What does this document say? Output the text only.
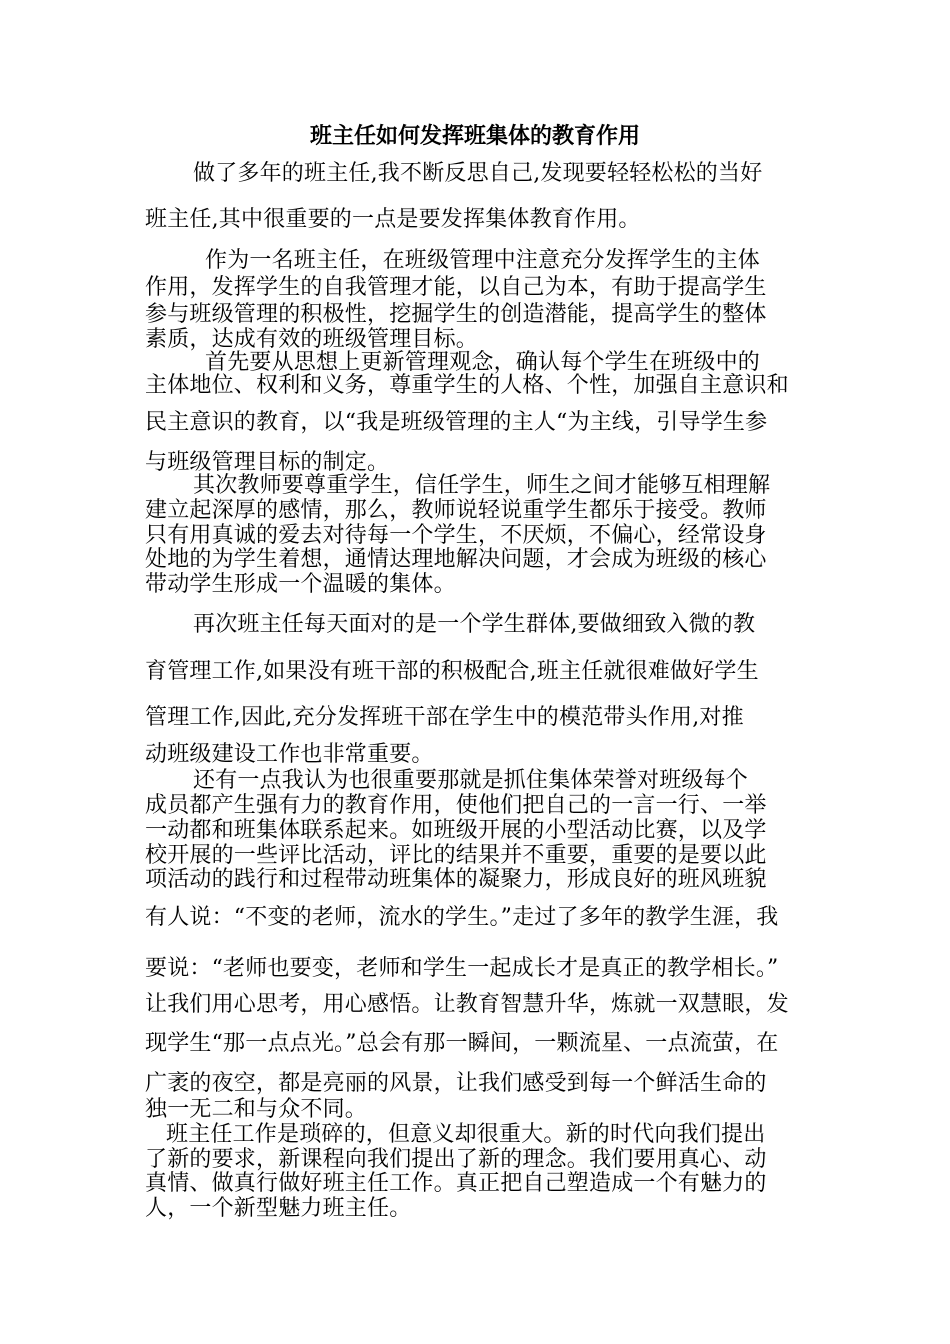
班主任如何发挥班集体的教育作用
做了多年的班主任,我不断反思自己,发现要轻轻松松的当好
班主任,其中很重要的一点是要发挥集体教育作用。
作为一名班主任，在班级管理中注意充分发挥学生的主体
作用，发挥学生的自我管理才能，以自己为本，有助于提高学生
参与班级管理的积极性，挖掘学生的创造潜能，提高学生的整体
素质，达成有效的班级管理目标。
首先要从思想上更新管理观念，确认每个学生在班级中的
主体地位、权利和义务，尊重学生的人格、个性，加强自主意识和
民主意识的教育，以“我是班级管理的主人“为主线，引导学生参
与班级管理目标的制定。
其次教师要尊重学生，信任学生，师生之间才能够互相理解
建立起深厚的感情，那么，教师说轻说重学生都乐于接受。教师
只有用真诚的爱去对待每一个学生，不厌烦，不偏心，经常设身
处地的为学生着想，通情达理地解决问题，才会成为班级的核心
带动学生形成一个温暖的集体。
再次班主任每天面对的是一个学生群体,要做细致入微的教
育管理工作,如果没有班干部的积极配合,班主任就很难做好学生
管理工作,因此,充分发挥班干部在学生中的模范带头作用,对推
动班级建设工作也非常重要。
还有一点我认为也很重要那就是抓住集体荣誉对班级每个
成员都产生强有力的教育作用，使他们把自己的一言一行、一举
一动都和班集体联系起来。如班级开展的小型活动比赛，以及学
校开展的一些评比活动，评比的结果并不重要，重要的是要以此
项活动的践行和过程带动班集体的凝聚力，形成良好的班风班貌
有人说：“不变的老师，流水的学生。”走过了多年的教学生涯，我
要说：“老师也要变，老师和学生一起成长才是真正的教学相长。”
让我们用心思考，用心感悟。让教育智慧升华，炼就一双慧眼，发
现学生“那一点点光。”总会有那一瞬间，一颗流星、一点流萤，在
广袤的夜空，都是亮丽的风景，让我们感受到每一个鲜活生命的
独一无二和与众不同。
班主任工作是琐碎的，但意义却很重大。新的时代向我们提出
了新的要求，新课程向我们提出了新的理念。我们要用真心、动
真情、做真行做好班主任工作。真正把自己塑造成一个有魅力的
人，一个新型魅力班主任。
